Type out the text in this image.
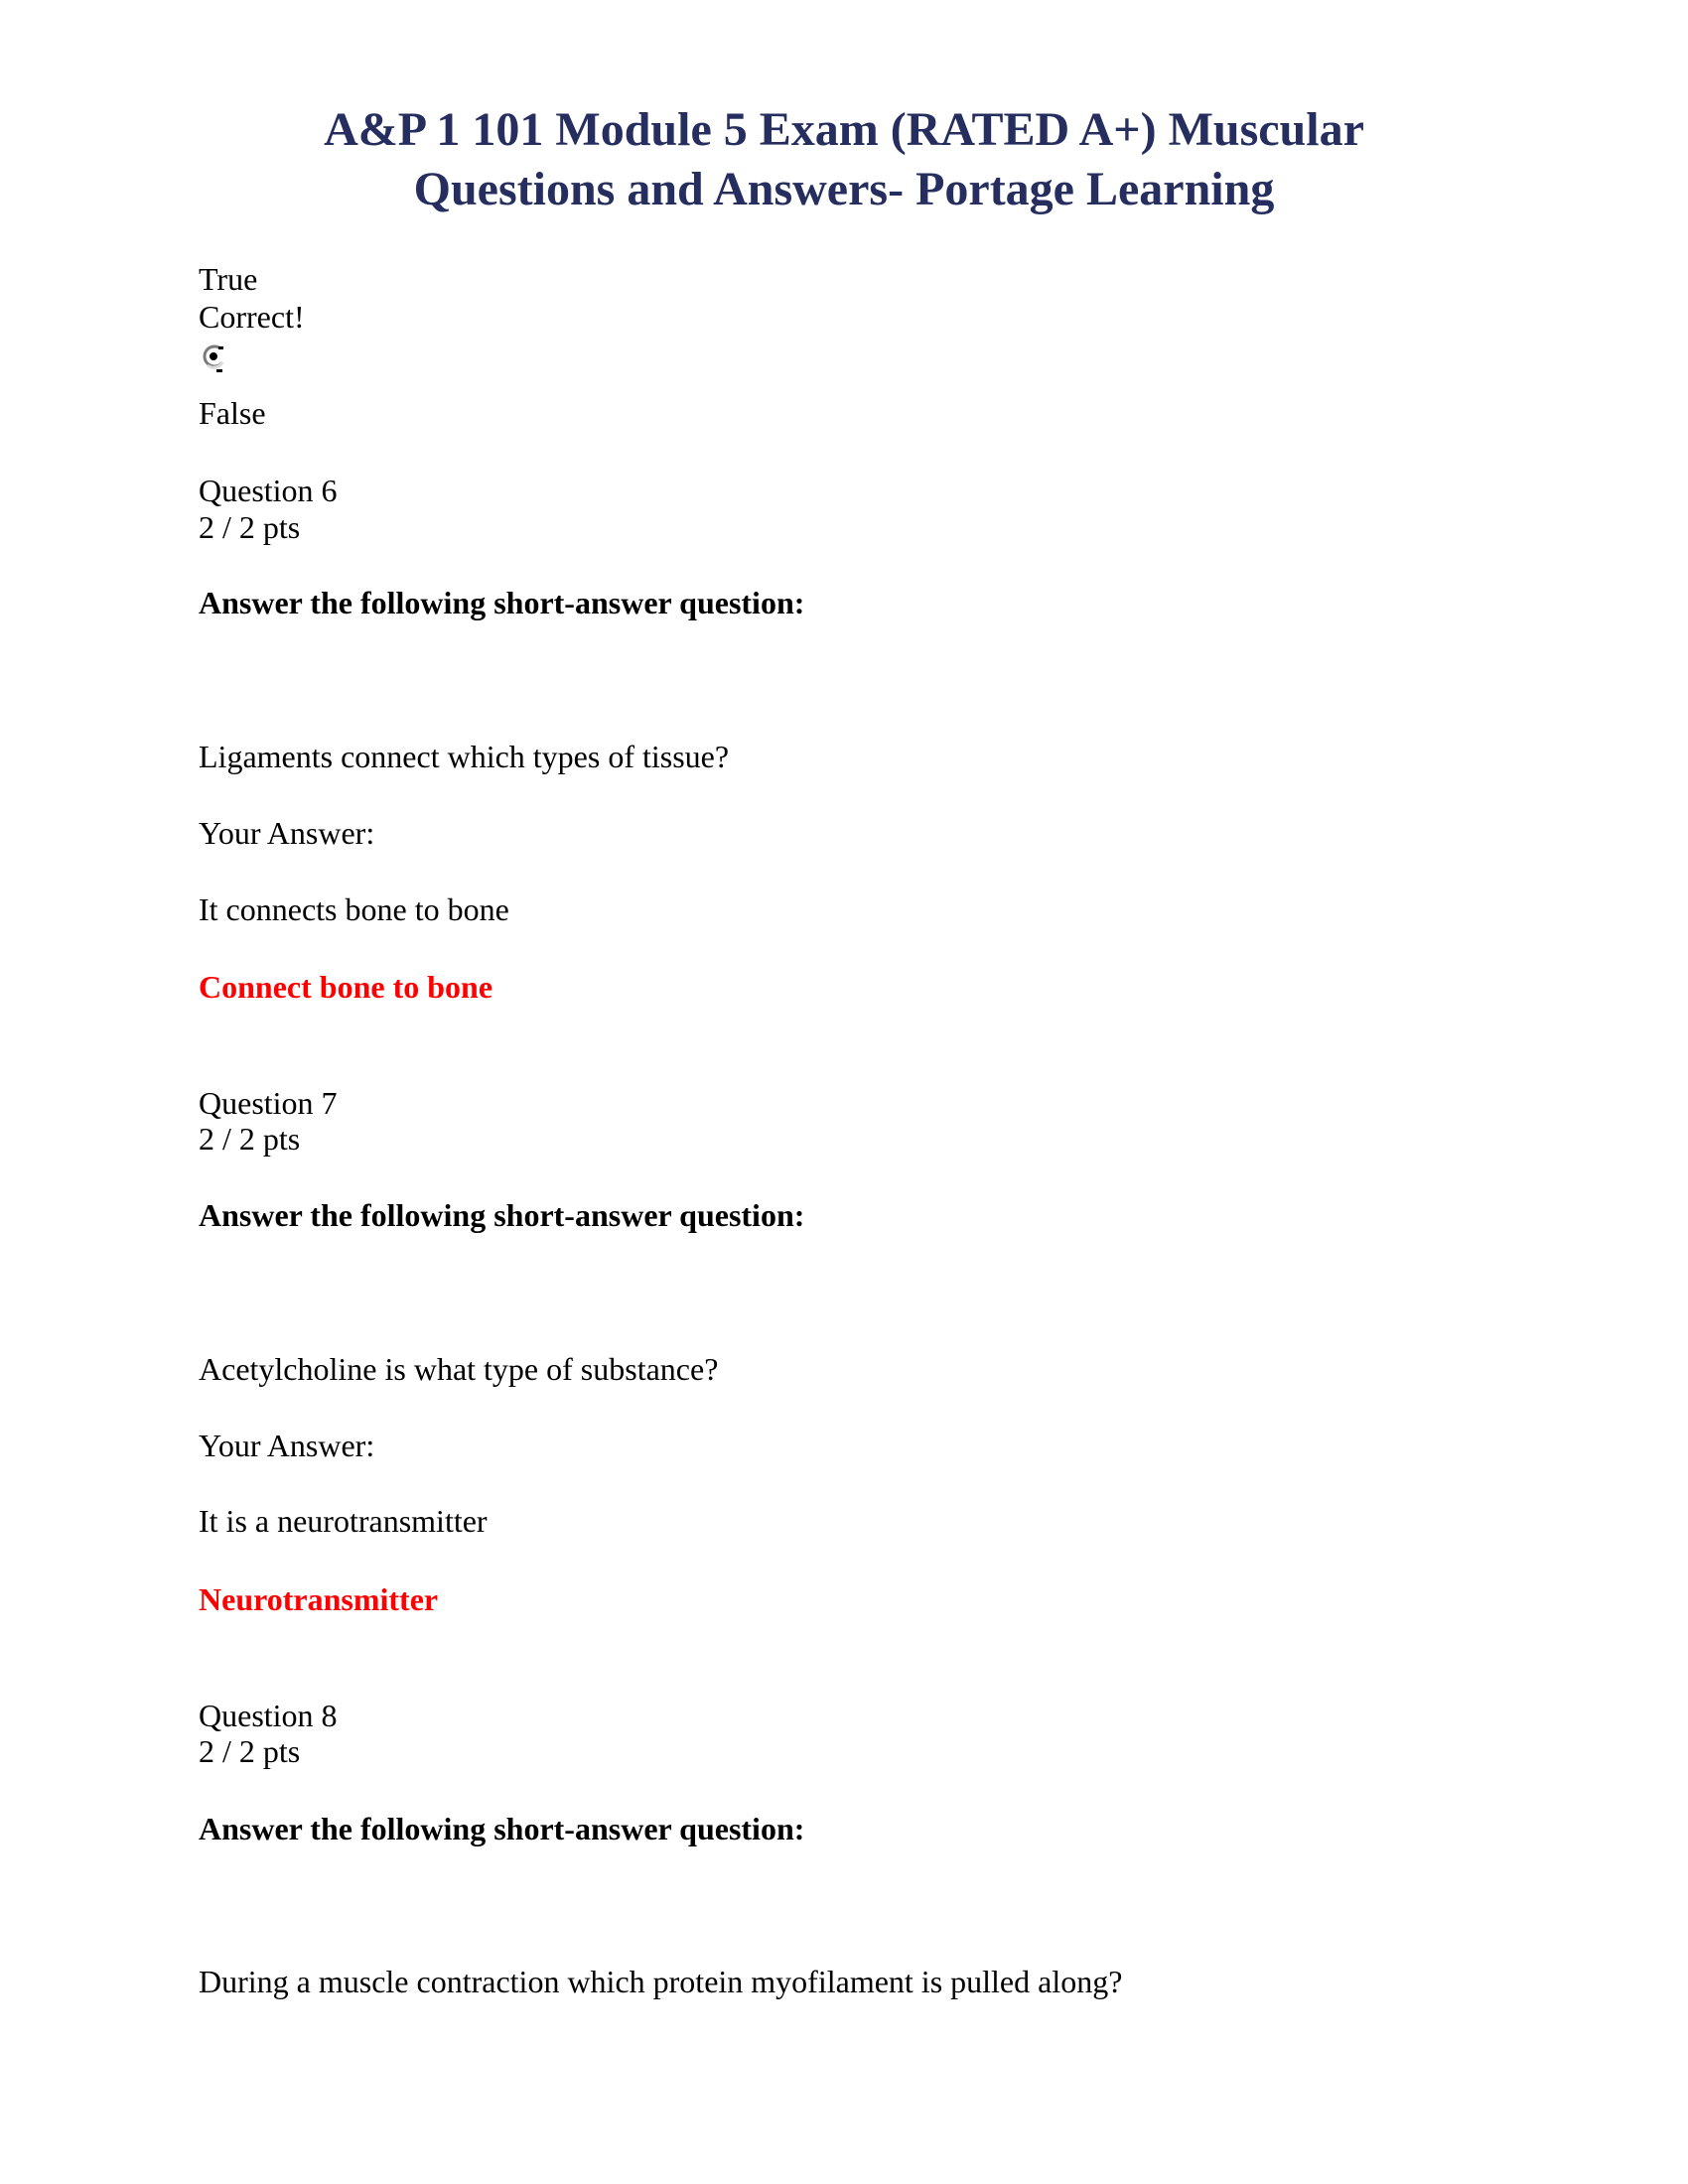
A&P 1 101 Module 5 Exam (RATED A+) Muscular
Questions and Answers- Portage Learning
True
Correct!
False
Question 6
2 / 2 pts
Answer the following short-answer question:
Ligaments connect which types of tissue?
Your Answer:
It connects bone to bone
Connect bone to bone
Question 7
2 / 2 pts
Answer the following short-answer question:
Acetylcholine is what type of substance?
Your Answer:
It is a neurotransmitter
Neurotransmitter
Question 8
2 / 2 pts
Answer the following short-answer question:
During a muscle contraction which protein myofilament is pulled along?
